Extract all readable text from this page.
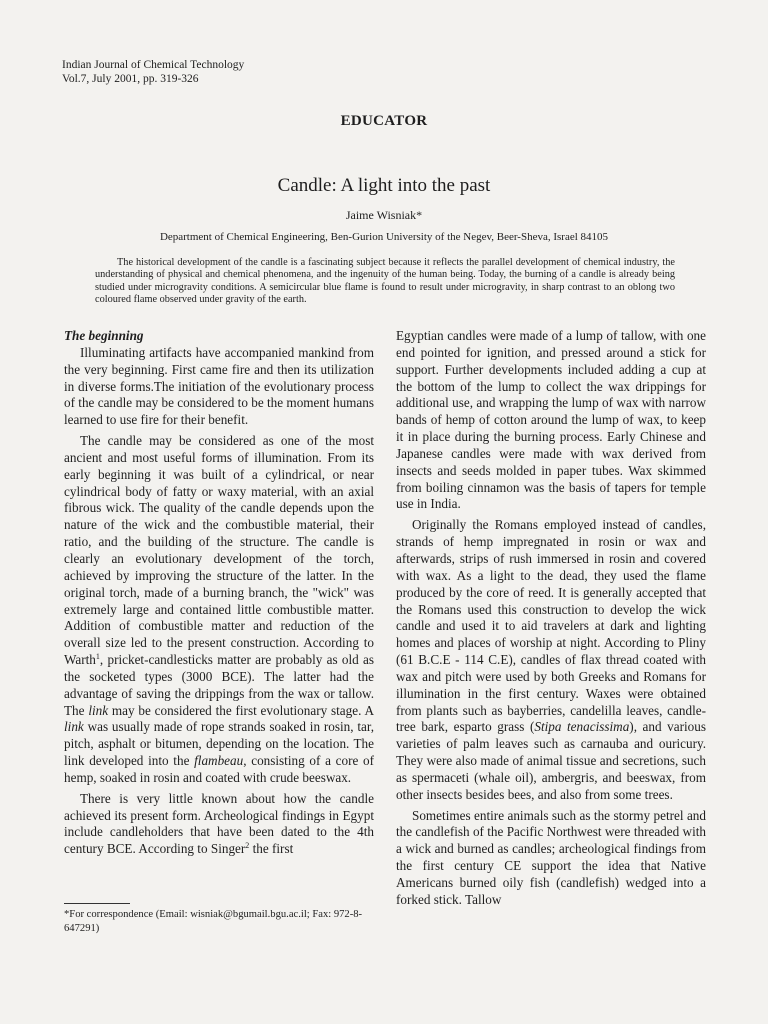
Indian Journal of Chemical Technology
Vol.7, July 2001, pp. 319-326
EDUCATOR
Candle: A light into the past
Jaime Wisniak*
Department of Chemical Engineering, Ben-Gurion University of the Negev, Beer-Sheva, Israel 84105
The historical development of the candle is a fascinating subject because it reflects the parallel development of chemical industry, the understanding of physical and chemical phenomena, and the ingenuity of the human being. Today, the burning of a candle is already being studied under microgravity conditions. A semicircular blue flame is found to result under microgravity, in sharp contrast to an oblong two coloured flame observed under gravity of the earth.
The beginning

Illuminating artifacts have accompanied mankind from the very beginning. First came fire and then its utilization in diverse forms.The initiation of the evolutionary process of the candle may be considered to be the moment humans learned to use fire for their benefit.

The candle may be considered as one of the most ancient and most useful forms of illumination. From its early beginning it was built of a cylindrical, or near cylindrical body of fatty or waxy material, with an axial fibrous wick. The quality of the candle depends upon the nature of the wick and the combustible material, their ratio, and the building of the structure. The candle is clearly an evolutionary development of the torch, achieved by improving the structure of the latter. In the original torch, made of a burning branch, the "wick" was extremely large and contained little combustible matter. Addition of combustible matter and reduction of the overall size led to the present construction. According to Warth$^1$, pricket-candlesticks matter are probably as old as the socketed types (3000 BCE). The latter had the advantage of saving the drippings from the wax or tallow. The link may be considered the first evolutionary stage. A link was usually made of rope strands soaked in rosin, tar, pitch, asphalt or bitumen, depending on the location. The link developed into the flambeau, consisting of a core of hemp, soaked in rosin and coated with crude beeswax.

There is very little known about how the candle achieved its present form. Archeological findings in Egypt include candleholders that have been dated to the 4th century BCE. According to Singer$^2$ the first

*For correspondence (Email: wisniak@bgumail.bgu.ac.il; Fax: 972-8-647291)

Egyptian candles were made of a lump of tallow, with one end pointed for ignition, and pressed around a stick for support. Further developments included adding a cup at the bottom of the lump to collect the wax drippings for additional use, and wrapping the lump of wax with narrow bands of hemp of cotton around the lump of wax, to keep it in place during the burning process. Early Chinese and Japanese candles were made with wax derived from insects and seeds molded in paper tubes. Wax skimmed from boiling cinnamon was the basis of tapers for temple use in India.

Originally the Romans employed instead of candles, strands of hemp impregnated in rosin or wax and afterwards, strips of rush immersed in rosin and covered with wax. As a light to the dead, they used the flame produced by the core of reed. It is generally accepted that the Romans used this construction to develop the wick candle and used it to aid travelers at dark and lighting homes and places of worship at night. According to Pliny (61 B.C.E - 114 C.E), candles of flax thread coated with wax and pitch were used by both Greeks and Romans for illumination in the first century. Waxes were obtained from plants such as bayberries, candelilla leaves, candle-tree bark, esparto grass (Stipa tenacissima), and various varieties of palm leaves such as carnauba and ouricury. They were also made of animal tissue and secretions, such as spermaceti (whale oil), ambergris, and beeswax, from other insects besides bees, and also from some trees.

Sometimes entire animals such as the stormy petrel and the candlefish of the Pacific Northwest were threaded with a wick and burned as candles; archeological findings from the first century CE support the idea that Native Americans burned oily fish (candlefish) wedged into a forked stick. Tallow
